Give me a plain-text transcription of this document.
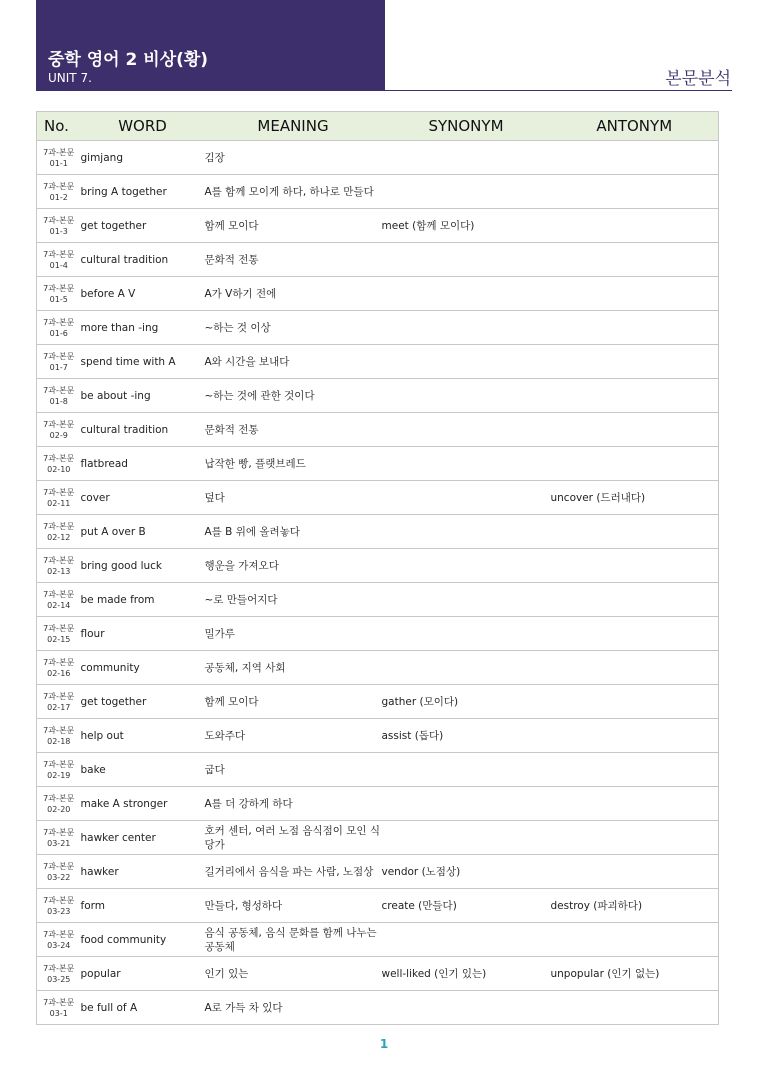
중학 영어 2 비상(황)
UNIT 7.	본문분석
No.	WORD	MEANING	SYNONYM	ANTONYM

7과-본문
01-1	gimjang	김장		

7과-본문
01-2	bring A together	A를 함께 모이게 하다, 하나로 만들다		

7과-본문
01-3	get together	함께 모이다	meet (함께 모이다)	

7과-본문
01-4	cultural tradition	문화적 전통		

7과-본문
01-5	before A V	A가 V하기 전에		

7과-본문
01-6	more than -ing	~하는 것 이상		

7과-본문
01-7	spend time with A	A와 시간을 보내다		

7과-본문
01-8	be about -ing	~하는 것에 관한 것이다		

7과-본문
02-9	cultural tradition	문화적 전통		

7과-본문
02-10	flatbread	납작한 빵, 플랫브레드		

7과-본문
02-11	cover	덮다		uncover (드러내다)

7과-본문
02-12	put A over B	A를 B 위에 올려놓다		

7과-본문
02-13	bring good luck	행운을 가져오다		

7과-본문
02-14	be made from	~로 만들어지다		

7과-본문
02-15	flour	밀가루		

7과-본문
02-16	community	공동체, 지역 사회		

7과-본문
02-17	get together	함께 모이다	gather (모이다)	

7과-본문
02-18	help out	도와주다	assist (돕다)	

7과-본문
02-19	bake	굽다		

7과-본문
02-20	make A stronger	A를 더 강하게 하다		

7과-본문
03-21	hawker center	호커 센터, 여러 노점 음식점이 모인 식당가		

7과-본문
03-22	hawker	길거리에서 음식을 파는 사람, 노점상	vendor (노점상)	

7과-본문
03-23	form	만들다, 형성하다	create (만들다)	destroy (파괴하다)

7과-본문
03-24	food community	음식 공동체, 음식 문화를 함께 나누는 공동체		

7과-본문
03-25	popular	인기 있는	well-liked (인기 있는)	unpopular (인기 없는)

7과-본문
03-1	be full of A	A로 가득 차 있다		
1
